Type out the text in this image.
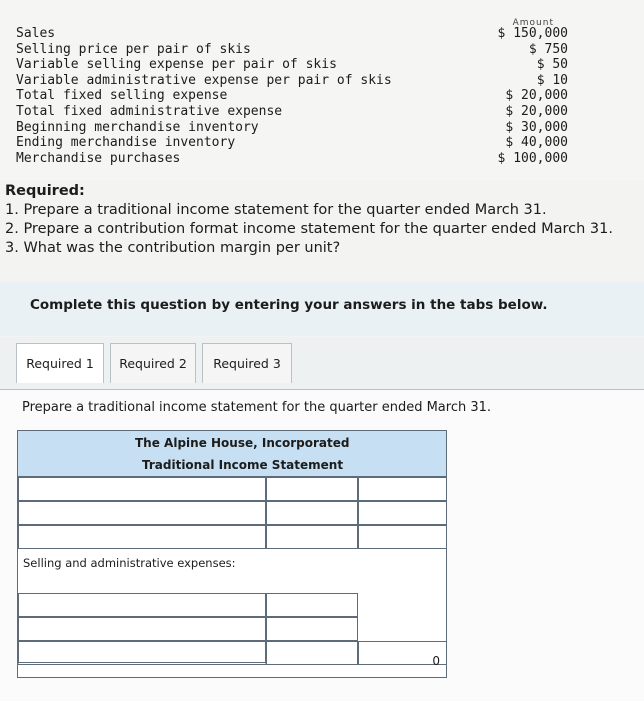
Amount
Sales
Selling price per pair of skis
Variable selling expense per pair of skis
Variable administrative expense per pair of skis
Total fixed selling expense
Total fixed administrative expense
Beginning merchandise inventory
Ending merchandise inventory
Merchandise purchases
$ 150,000
$ 750
$ 50
$ 10
$ 20,000
$ 20,000
$ 30,000
$ 40,000
$ 100,000
Required:
1. Prepare a traditional income statement for the quarter ended March 31.
2. Prepare a contribution format income statement for the quarter ended March 31.
3. What was the contribution margin per unit?
Complete this question by entering your answers in the tabs below.
Required 1	Required 2	Required 3
Prepare a traditional income statement for the quarter ended March 31.
The Alpine House, Incorporated
Traditional Income Statement
Selling and administrative expenses:
0
